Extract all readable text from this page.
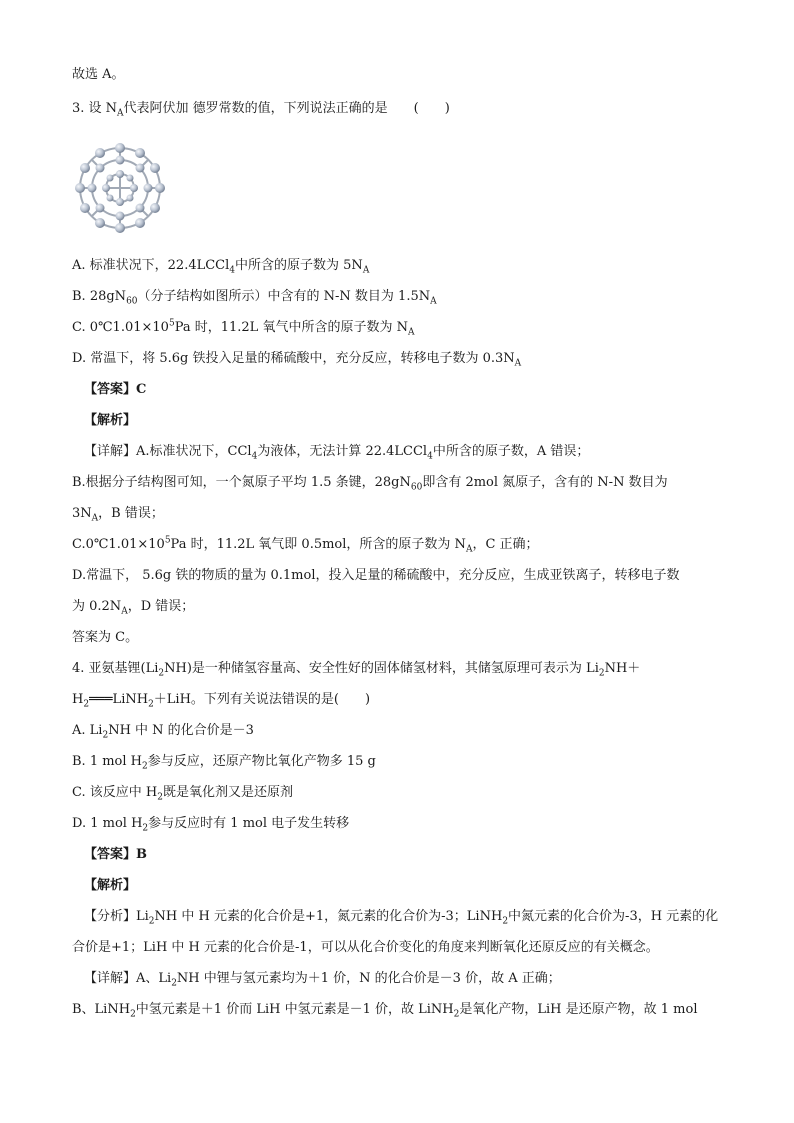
故选 A。
3. 设 $N_A$代表阿伏加 德罗常数的值，下列说法正确的是　　(　　)
A. 标准状况下，22.4LCCl$_4$中所含的原子数为 $5N_A$
B. $28gN_{60}$（分子结构如图所示）中含有的 N-N 数目为 $1.5N_A$
C. $0℃1.01\times 10^5Pa$ 时，11.2L 氧气中所含的原子数为 $N_A$
D. 常温下，将 5.6g 铁投入足量的稀硫酸中，充分反应，转移电子数为 $0.3N_A$
【答案】C
【解析】
【详解】A.标准状况下，CCl$_4$为液体，无法计算 22.4LCCl$_4$中所含的原子数，A 错误；
B.根据分子结构图可知，一个氮原子平均 1.5 条键，$28gN_{60}$即含有 2mol 氮原子，含有的 N-N 数目为
$3N_A$，B 错误；
$C.0℃1.01\times 10^5Pa$ 时，11.2L 氧气即 0.5mol，所含的原子数为 $N_A$，C 正确；
D.常温下， 5.6g 铁的物质的量为 0.1mol，投入足量的稀硫酸中，充分反应，生成亚铁离子，转移电子数
为 $0.2N_A$，D 错误；
答案为 C。
4. 亚氨基锂$(Li_2NH)$是一种储氢容量高、安全性好的固体储氢材料，其储氢原理可表示为 $Li_2NH+$
$H_2═══LiNH_2+LiH$。下列有关说法错误的是(　　)
A. $Li_2NH$ 中 N 的化合价是－3
B. 1 mol $H_2$参与反应，还原产物比氧化产物多 15 g
C. 该反应中 $H_2$既是氧化剂又是还原剂
D. 1 mol $H_2$参与反应时有 1 mol 电子发生转移
【答案】B
【解析】
【分析】$Li_2NH$ 中 H 元素的化合价是+1，氮元素的化合价为-3；LiNH$_2$中氮元素的化合价为-3，H 元素的化
合价是+1；LiH 中 H 元素的化合价是-1，可以从化合价变化的角度来判断氧化还原反应的有关概念。
【详解】A、$Li_2NH$ 中锂与氢元素均为＋1 价，N 的化合价是－3 价，故 A 正确；
B、LiNH$_2$中氢元素是＋1 价而 LiH 中氢元素是－1 价，故 LiNH$_2$是氧化产物，LiH 是还原产物，故 1 mol
